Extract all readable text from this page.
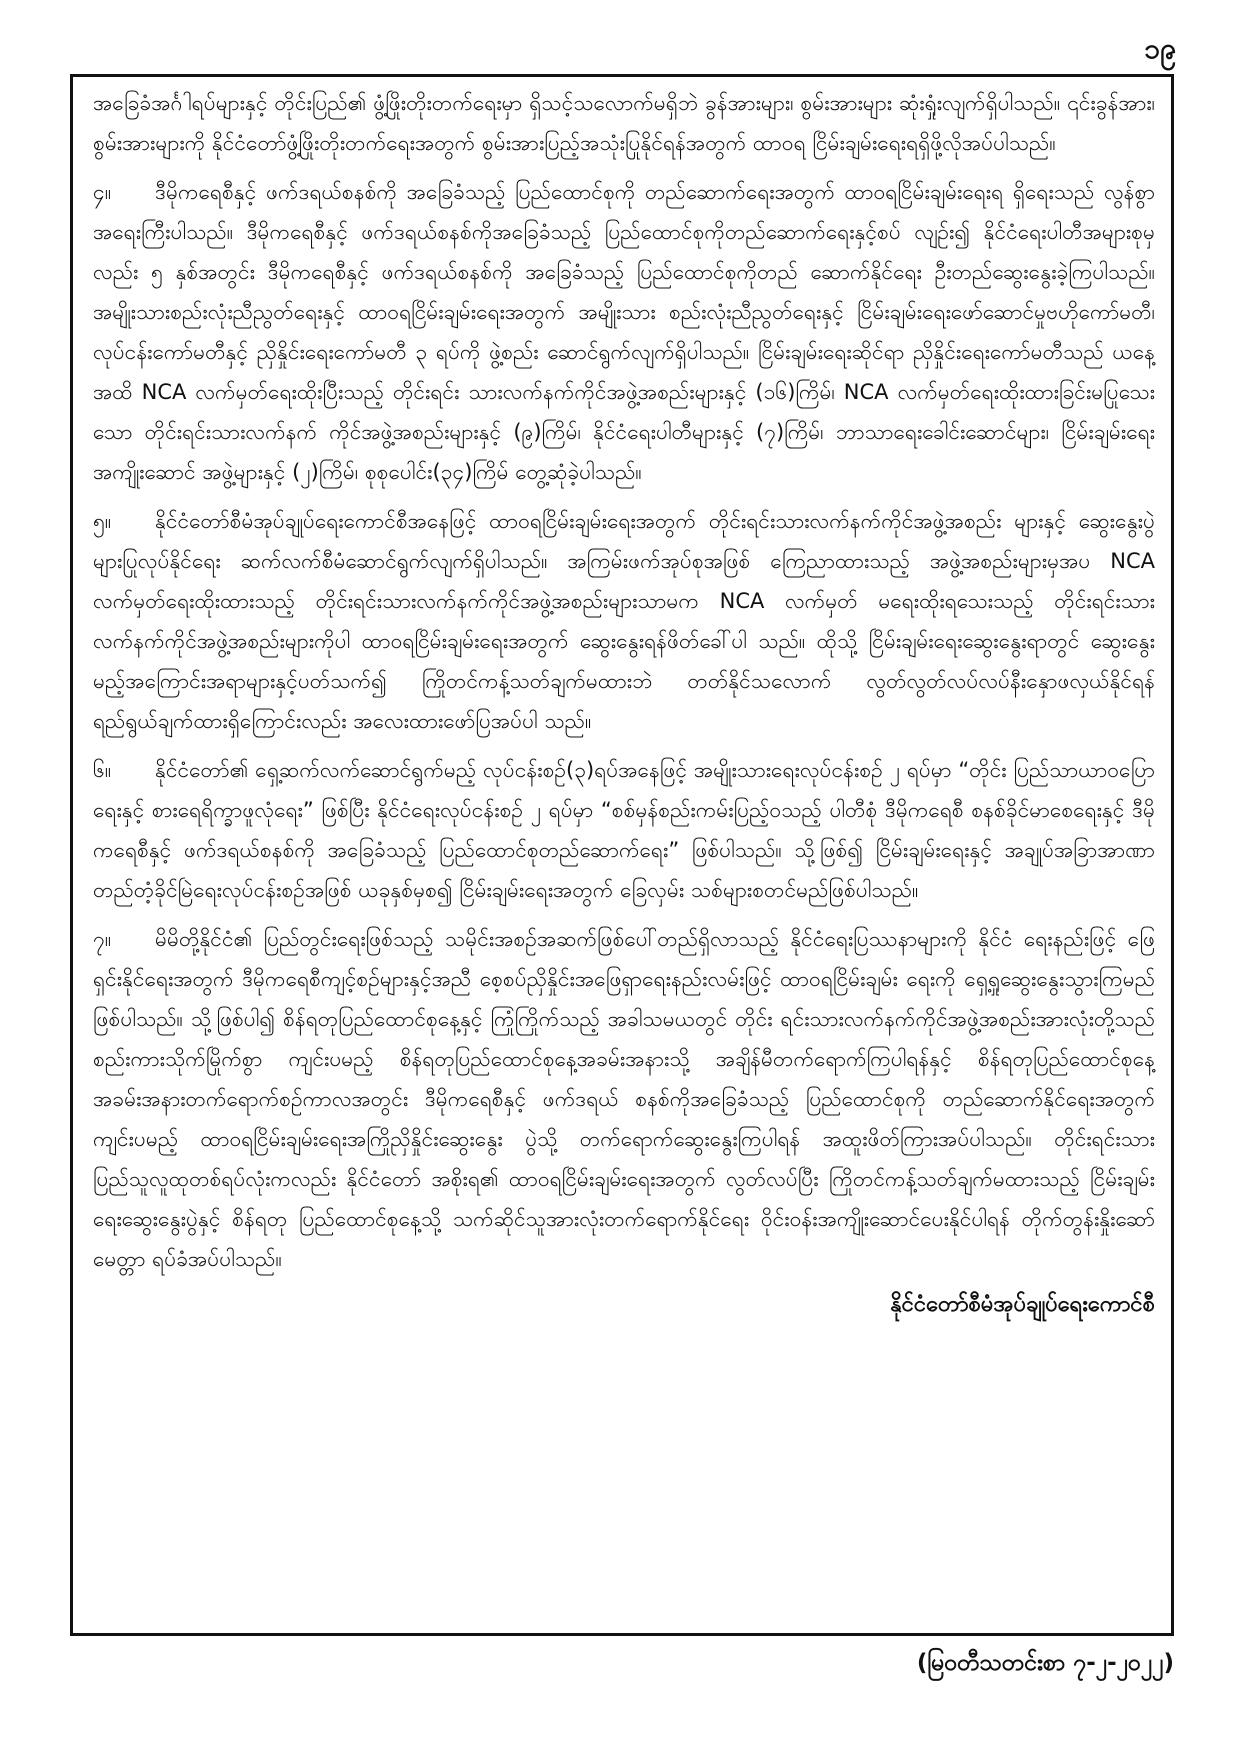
၁၉

အခြေခံအင်္ဂါရပ်များနှင့် တိုင်းပြည်၏ ဖွံ့ဖြိုးတိုးတက်ရေးမှာ ရှိသင့်သလောက်မရှိဘဲ ခွန်အားများ၊ စွမ်းအားများ ဆုံးရှုံးလျက်ရှိပါသည်။ ၎င်းခွန်အား၊ စွမ်းအားများကို နိုင်ငံတော်ဖွံ့ဖြိုးတိုးတက်ရေးအတွက် စွမ်းအားပြည့်အသုံးပြုနိုင်ရန်အတွက် ထာဝရ ငြိမ်းချမ်းရေးရရှိဖို့လိုအပ်ပါသည်။

၄။ ဒီမိုကရေစီနှင့် ဖက်ဒရယ်စနစ်ကို အခြေခံသည့် ပြည်ထောင်စုကို တည်ဆောက်ရေးအတွက် ထာဝရငြိမ်းချမ်းရေးရ ရှိရေးသည် လွန်စွာအရေးကြီးပါသည်။ ဒီမိုကရေစီနှင့် ဖက်ဒရယ်စနစ်ကိုအခြေခံသည့် ပြည်ထောင်စုကိုတည်ဆောက်ရေးနှင့်စပ် လျဉ်း၍ နိုင်ငံရေးပါတီအများစုမှလည်း ၅ နှစ်အတွင်း ဒီမိုကရေစီနှင့် ဖက်ဒရယ်စနစ်ကို အခြေခံသည့် ပြည်ထောင်စုကိုတည် ဆောက်နိုင်ရေး ဦးတည်ဆွေးနွေးခဲ့ကြပါသည်။ အမျိုးသားစည်းလုံးညီညွတ်ရေးနှင့် ထာဝရငြိမ်းချမ်းရေးအတွက် အမျိုးသား စည်းလုံးညီညွတ်ရေးနှင့် ငြိမ်းချမ်းရေးဖော်ဆောင်မှုဗဟိုကော်မတီ၊ လုပ်ငန်းကော်မတီနှင့် ညှိနှိုင်းရေးကော်မတီ ၃ ရပ်ကို ဖွဲ့စည်း ဆောင်ရွက်လျက်ရှိပါသည်။ ငြိမ်းချမ်းရေးဆိုင်ရာ ညှိနှိုင်းရေးကော်မတီသည် ယနေ့အထိ NCA လက်မှတ်ရေးထိုးပြီးသည့် တိုင်းရင်း သားလက်နက်ကိုင်အဖွဲ့အစည်းများနှင့် (၁၆)ကြိမ်၊ NCA လက်မှတ်ရေးထိုးထားခြင်းမပြုသေးသော တိုင်းရင်းသားလက်နက် ကိုင်အဖွဲ့အစည်းများနှင့် (၉)ကြိမ်၊ နိုင်ငံရေးပါတီများနှင့် (၇)ကြိမ်၊ ဘာသာရေးခေါင်းဆောင်များ၊ ငြိမ်းချမ်းရေးအကျိုးဆောင် အဖွဲ့များနှင့် (၂)ကြိမ်၊ စုစုပေါင်း(၃၄)ကြိမ် တွေ့ဆုံခဲ့ပါသည်။

၅။ နိုင်ငံတော်စီမံအုပ်ချုပ်ရေးကောင်စီအနေဖြင့် ထာဝရငြိမ်းချမ်းရေးအတွက် တိုင်းရင်းသားလက်နက်ကိုင်အဖွဲ့အစည်း များနှင့် ဆွေးနွေးပွဲများပြုလုပ်နိုင်ရေး ဆက်လက်စီမံဆောင်ရွက်လျက်ရှိပါသည်။ အကြမ်းဖက်အုပ်စုအဖြစ် ကြေညာထားသည့် အဖွဲ့အစည်းများမှအပ NCA လက်မှတ်ရေးထိုးထားသည့် တိုင်းရင်းသားလက်နက်ကိုင်အဖွဲ့အစည်းများသာမက NCA လက်မှတ် မရေးထိုးရသေးသည့် တိုင်းရင်းသားလက်နက်ကိုင်အဖွဲ့အစည်းများကိုပါ ထာဝရငြိမ်းချမ်းရေးအတွက် ဆွေးနွေးရန်ဖိတ်ခေါ်ပါ သည်။ ထိုသို့ ငြိမ်းချမ်းရေးဆွေးနွေးရာတွင် ဆွေးနွေးမည့်အကြောင်းအရာများနှင့်ပတ်သက်၍ ကြိုတင်ကန့်သတ်ချက်မထားဘဲ တတ်နိုင်သလောက် လွတ်လွတ်လပ်လပ်နီးနှောဖလှယ်နိုင်ရန် ရည်ရွယ်ချက်ထားရှိကြောင်းလည်း အလေးထားဖော်ပြအပ်ပါ သည်။

၆။ နိုင်ငံတော်၏ ရှေ့ဆက်လက်ဆောင်ရွက်မည့် လုပ်ငန်းစဉ်(၃)ရပ်အနေဖြင့် အမျိုးသားရေးလုပ်ငန်းစဉ် ၂ ရပ်မှာ “တိုင်း ပြည်သာယာဝပြောရေးနှင့် စားရေရိက္ခာဖူလုံရေး” ဖြစ်ပြီး နိုင်ငံရေးလုပ်ငန်းစဉ် ၂ ရပ်မှာ “စစ်မှန်စည်းကမ်းပြည့်ဝသည့် ပါတီစုံ ဒီမိုကရေစီ စနစ်ခိုင်မာစေရေးနှင့် ဒီမိုကရေစီနှင့် ဖက်ဒရယ်စနစ်ကို အခြေခံသည့် ပြည်ထောင်စုတည်ဆောက်ရေး” ဖြစ်ပါသည်။ သို့ဖြစ်၍ ငြိမ်းချမ်းရေးနှင့် အချုပ်အခြာအာဏာတည်တံ့ခိုင်မြဲရေးလုပ်ငန်းစဉ်အဖြစ် ယခုနှစ်မှစ၍ ငြိမ်းချမ်းရေးအတွက် ခြေလှမ်း သစ်များစတင်မည်ဖြစ်ပါသည်။

၇။ မိမိတို့နိုင်ငံ၏ ပြည်တွင်းရေးဖြစ်သည့် သမိုင်းအစဉ်အဆက်ဖြစ်ပေါ်တည်ရှိလာသည့် နိုင်ငံရေးပြဿနာများကို နိုင်ငံ ရေးနည်းဖြင့် ဖြေရှင်းနိုင်ရေးအတွက် ဒီမိုကရေစီကျင့်စဉ်များနှင့်အညီ စေ့စပ်ညှိနှိုင်းအဖြေရှာရေးနည်းလမ်းဖြင့် ထာဝရငြိမ်းချမ်း ရေးကို ရှေ့ရှုဆွေးနွေးသွားကြမည်ဖြစ်ပါသည်။ သို့ဖြစ်ပါ၍ စိန်ရတုပြည်ထောင်စုနေ့နှင့် ကြုံကြိုက်သည့် အခါသမယတွင် တိုင်း ရင်းသားလက်နက်ကိုင်အဖွဲ့အစည်းအားလုံးတို့သည် စည်းကားသိုက်မြိုက်စွာ ကျင်းပမည့် စိန်ရတုပြည်ထောင်စုနေ့အခမ်းအနားသို့ အချိန်မီတက်ရောက်ကြပါရန်နှင့် စိန်ရတုပြည်ထောင်စုနေ့အခမ်းအနားတက်ရောက်စဉ်ကာလအတွင်း ဒီမိုကရေစီနှင့် ဖက်ဒရယ် စနစ်ကိုအခြေခံသည့် ပြည်ထောင်စုကို တည်ဆောက်နိုင်ရေးအတွက် ကျင်းပမည့် ထာဝရငြိမ်းချမ်းရေးအကြိုညှိနှိုင်းဆွေးနွေး ပွဲသို့ တက်ရောက်ဆွေးနွေးကြပါရန် အထူးဖိတ်ကြားအပ်ပါသည်။ တိုင်းရင်းသားပြည်သူလူထုတစ်ရပ်လုံးကလည်း နိုင်ငံတော် အစိုးရ၏ ထာဝရငြိမ်းချမ်းရေးအတွက် လွတ်လပ်ပြီး ကြိုတင်ကန့်သတ်ချက်မထားသည့် ငြိမ်းချမ်းရေးဆွေးနွေးပွဲနှင့် စိန်ရတု ပြည်ထောင်စုနေ့သို့ သက်ဆိုင်သူအားလုံးတက်ရောက်နိုင်ရေး ဝိုင်းဝန်းအကျိုးဆောင်ပေးနိုင်ပါရန် တိုက်တွန်းနှိုးဆော်မေတ္တာ ရပ်ခံအပ်ပါသည်။

နိုင်ငံတော်စီမံအုပ်ချုပ်ရေးကောင်စီ
(မြဝတီသတင်းစာ ၇-၂-၂၀၂၂)
